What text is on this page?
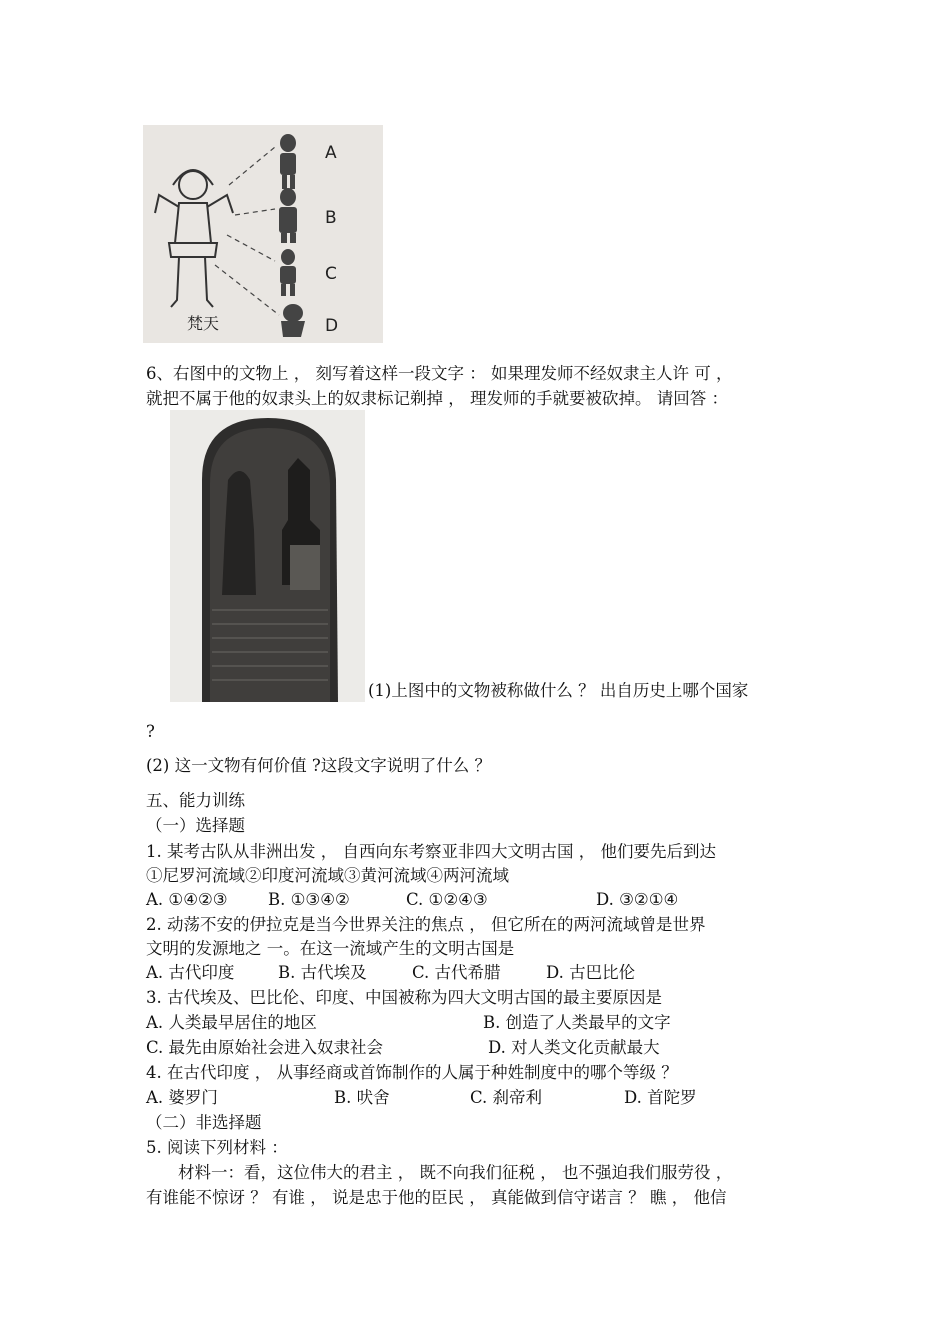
A
B
C
D
梵天
6、右图中的文物上 ， 刻写着这样一段文字 ： 如果理发师不经奴隶主人许 可 ，
就把不属于他的奴隶头上的奴隶标记剃掉 ， 理发师的手就要被砍掉。 请回答 ：
(1)上图中的文物被称做什么 ？ 出自历史上哪个国家
?
(2) 这一文物有何价值 ?这段文字说明了什么 ？
五、能力训练
（一）选择题
1. 某考古队从非洲出发 ， 自西向东考察亚非四大文明古国 ， 他们要先后到达
①尼罗河流域②印度河流域③黄河流域④两河流域
A. ①④②③ B. ①③④②	C. ①②④③	D. ③②①④
2. 动荡不安的伊拉克是当今世界关注的焦点 ， 但它所在的两河流域曾是世界
文明的发源地之 一。在这一流域产生的文明古国是
A. 古代印度	B. 古代埃及	C. 古代希腊	D. 古巴比伦
3. 古代埃及、巴比伦、印度、中国被称为四大文明古国的最主要原因是
A. 人类最早居住的地区	B. 创造了人类最早的文字
C. 最先由原始社会进入奴隶社会	D. 对人类文化贡献最大
4. 在古代印度 ， 从事经商或首饰制作的人属于种姓制度中的哪个等级 ？
A. 婆罗门	B. 吠舍	C. 刹帝利	D. 首陀罗
（二）非选择题
5. 阅读下列材料 ：
材料一：看，这位伟大的君主 ， 既不向我们征税 ， 也不强迫我们服劳役 ，
有谁能不惊讶 ？ 有谁 ， 说是忠于他的臣民 ， 真能做到信守诺言 ？ 瞧 ， 他信
